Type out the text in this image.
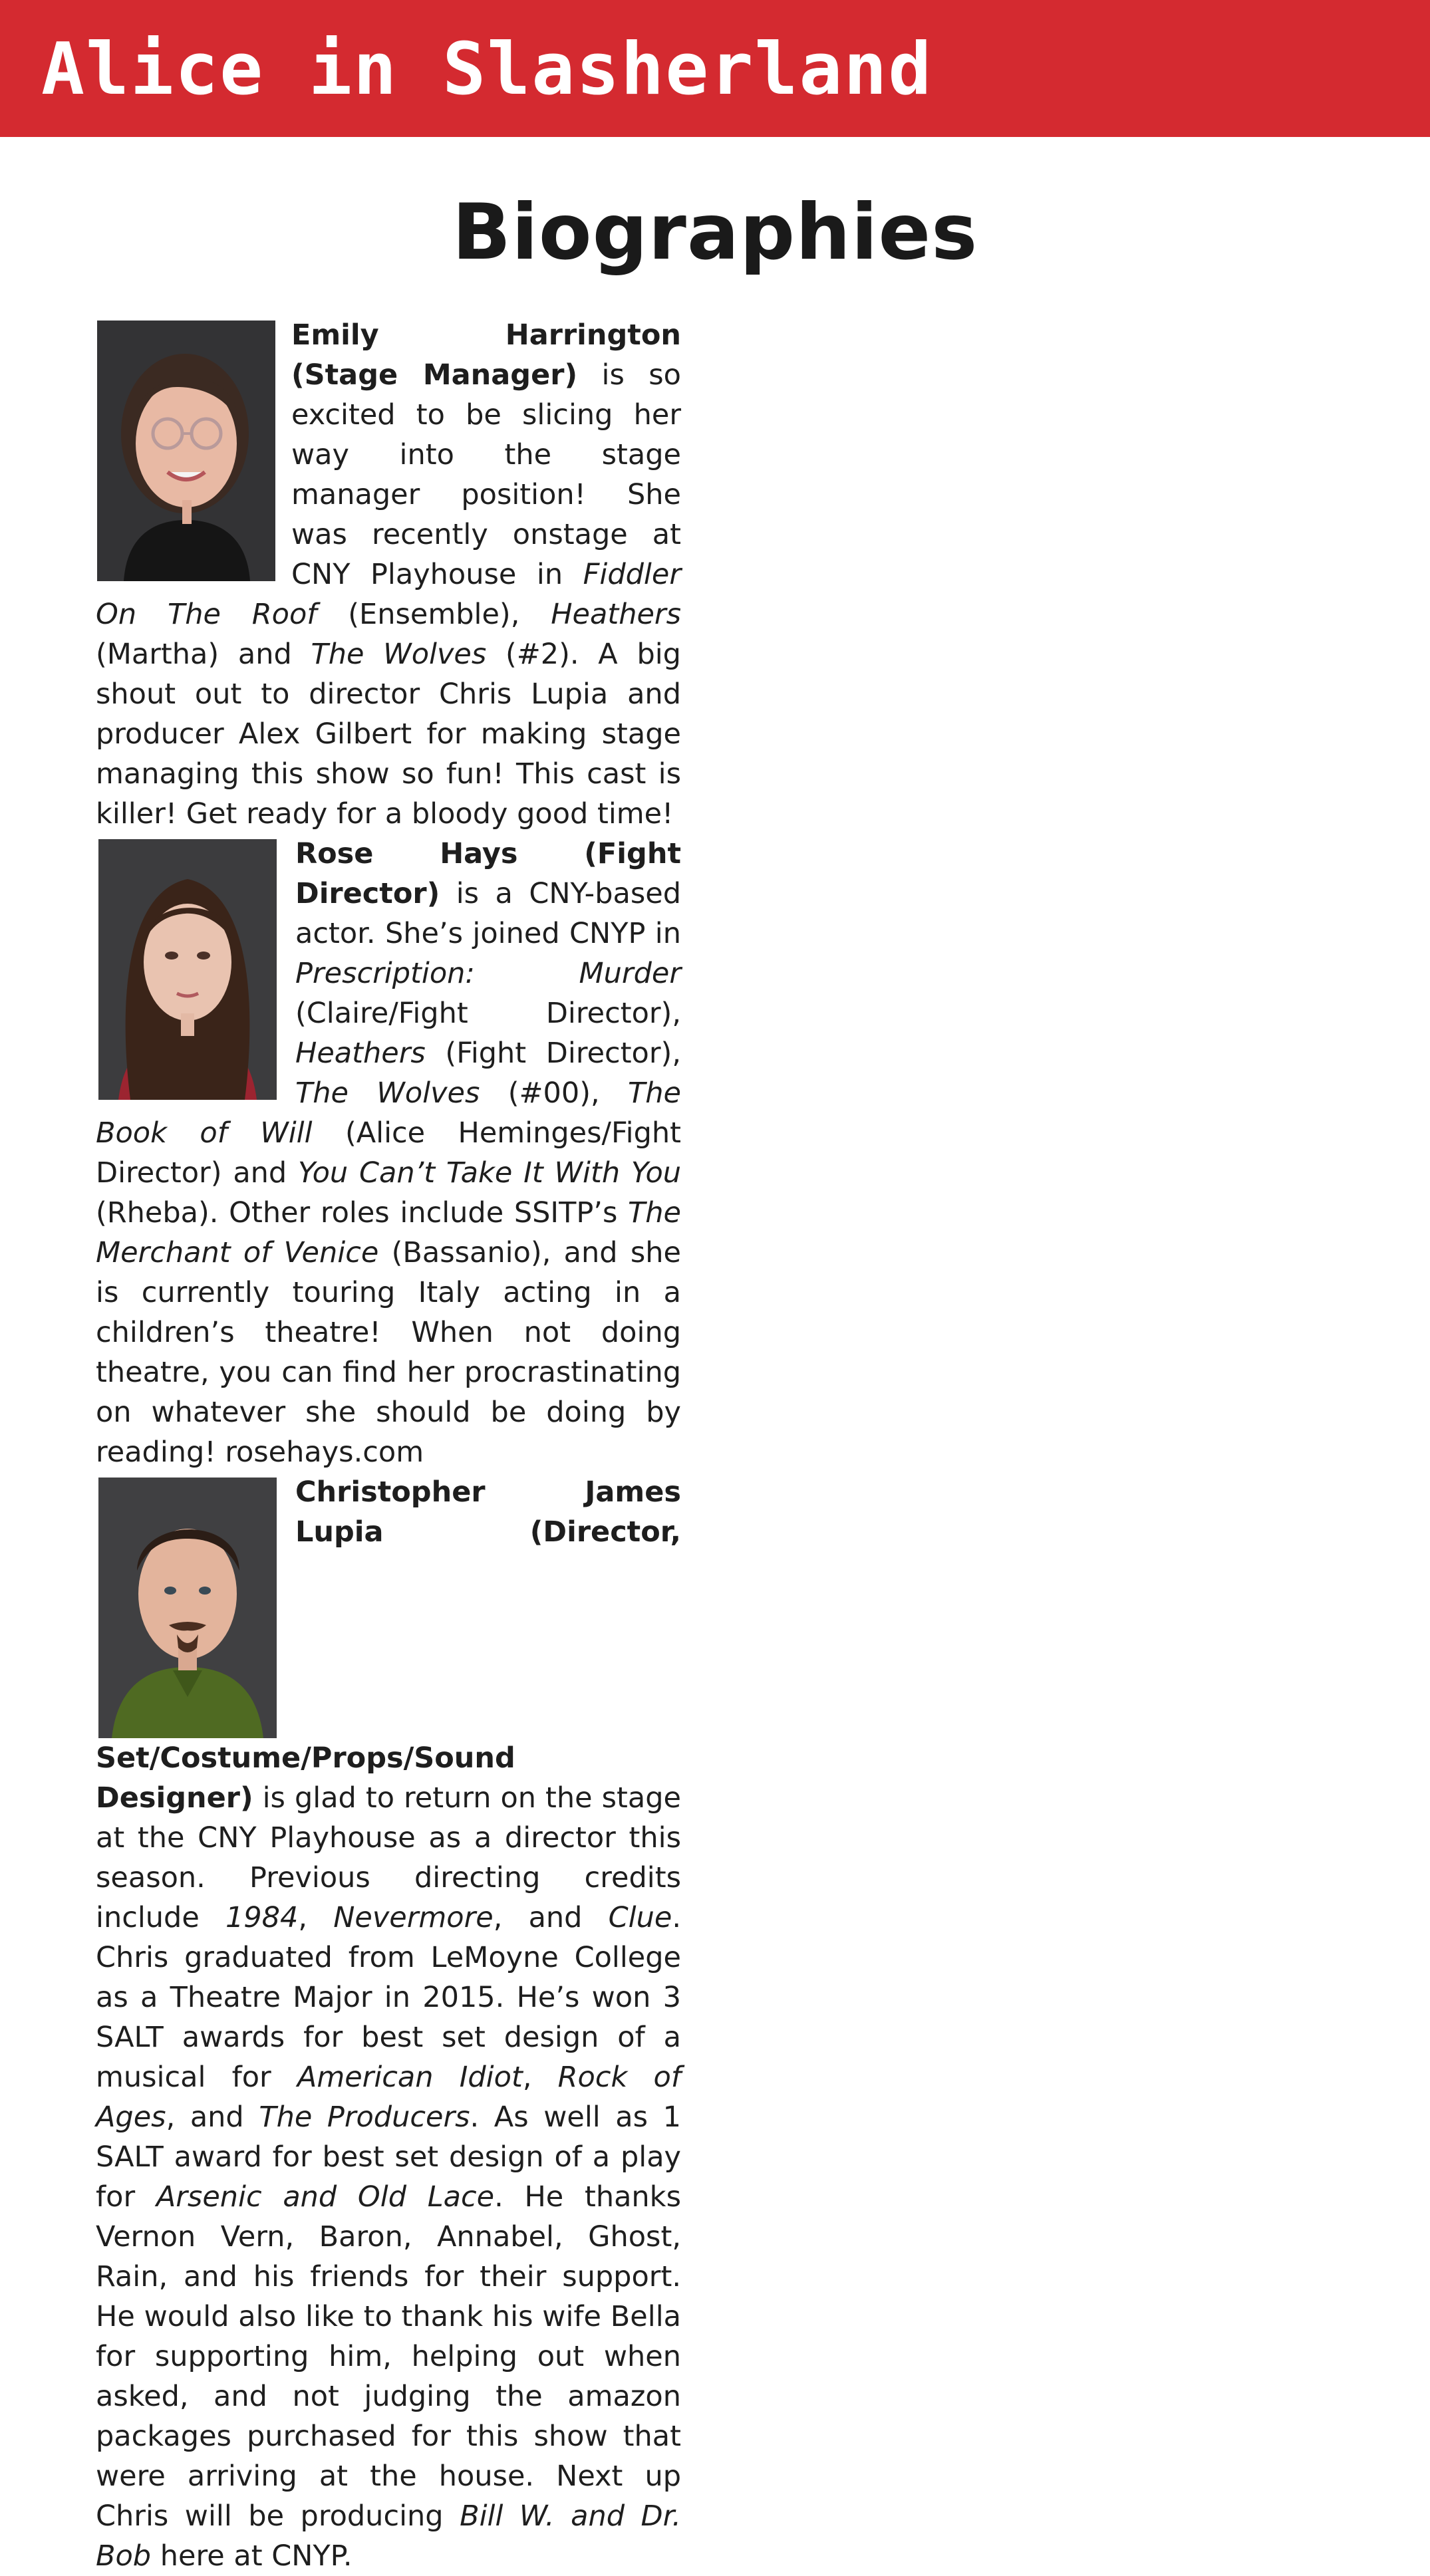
Alice in Slasherland
Biographies
Emily Harrington (Stage Manager) is so excited to be slicing her way into the stage manager position! She was recently onstage at CNY Playhouse in Fiddler On The Roof (Ensemble), Heathers (Martha) and The Wolves (#2). A big shout out to director Chris Lupia and producer Alex Gilbert for making stage managing this show so fun! This cast is killer! Get ready for a bloody good time!
Rose Hays (Fight Director) is a CNY-based actor. She’s joined CNYP in Prescription: Murder (Claire/Fight Director), Heathers (Fight Director), The Wolves (#00), The Book of Will (Alice Heminges/Fight Director) and You Can’t Take It With You (Rheba). Other roles include SSITP’s The Merchant of Venice (Bassanio), and she is currently touring Italy acting in a children’s theatre! When not doing theatre, you can find her procrastinating on whatever she should be doing by reading! rosehays.com
Christopher James Lupia (Director, Set/Costume/Props/Sound Designer) is glad to return on the stage at the CNY Playhouse as a director this season. Previous directing credits include 1984, Nevermore, and Clue. Chris graduated from LeMoyne College as a Theatre Major in 2015. He’s won 3 SALT awards for best set design of a musical for American Idiot, Rock of Ages, and The Producers. As well as 1 SALT award for best set design of a play for Arsenic and Old Lace. He thanks Vernon Vern, Baron, Annabel, Ghost, Rain, and his friends for their support. He would also like to thank his wife Bella for supporting him, helping out when asked, and not judging the amazon packages purchased for this show that were arriving at the house. Next up Chris will be producing Bill W. and Dr. Bob here at CNYP.
